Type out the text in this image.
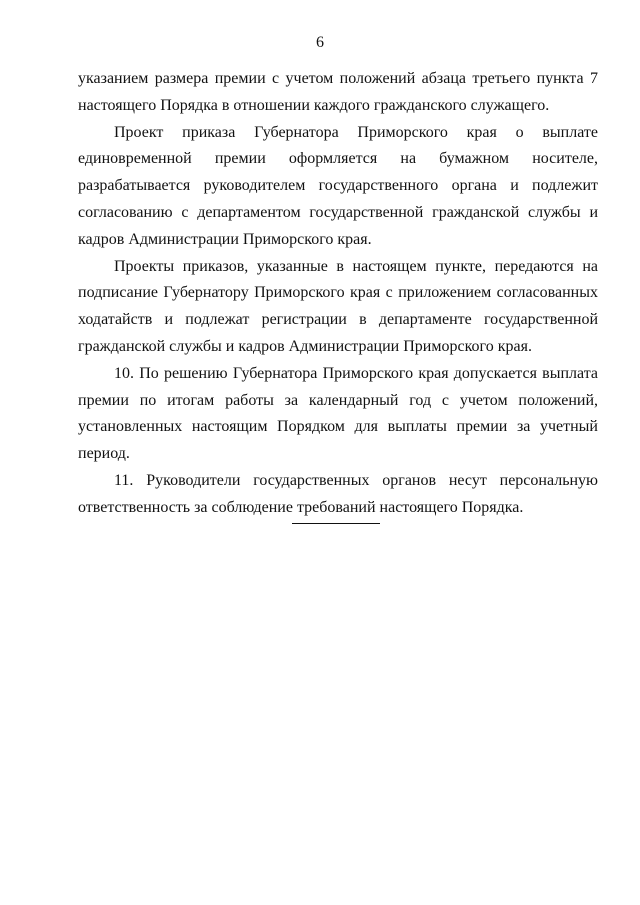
6

указанием размера премии с учетом положений абзаца третьего пункта 7 настоящего Порядка в отношении каждого гражданского служащего.

Проект приказа Губернатора Приморского края о выплате единовременной премии оформляется на бумажном носителе, разрабатывается руководителем государственного органа и подлежит согласованию с департаментом государственной гражданской службы и кадров Администрации Приморского края.

Проекты приказов, указанные в настоящем пункте, передаются на подписание Губернатору Приморского края с приложением согласованных ходатайств и подлежат регистрации в департаменте государственной гражданской службы и кадров Администрации Приморского края.

10. По решению Губернатора Приморского края допускается выплата премии по итогам работы за календарный год с учетом положений, установленных настоящим Порядком для выплаты премии за учетный период.

11. Руководители государственных органов несут персональную ответственность за соблюдение требований настоящего Порядка.
